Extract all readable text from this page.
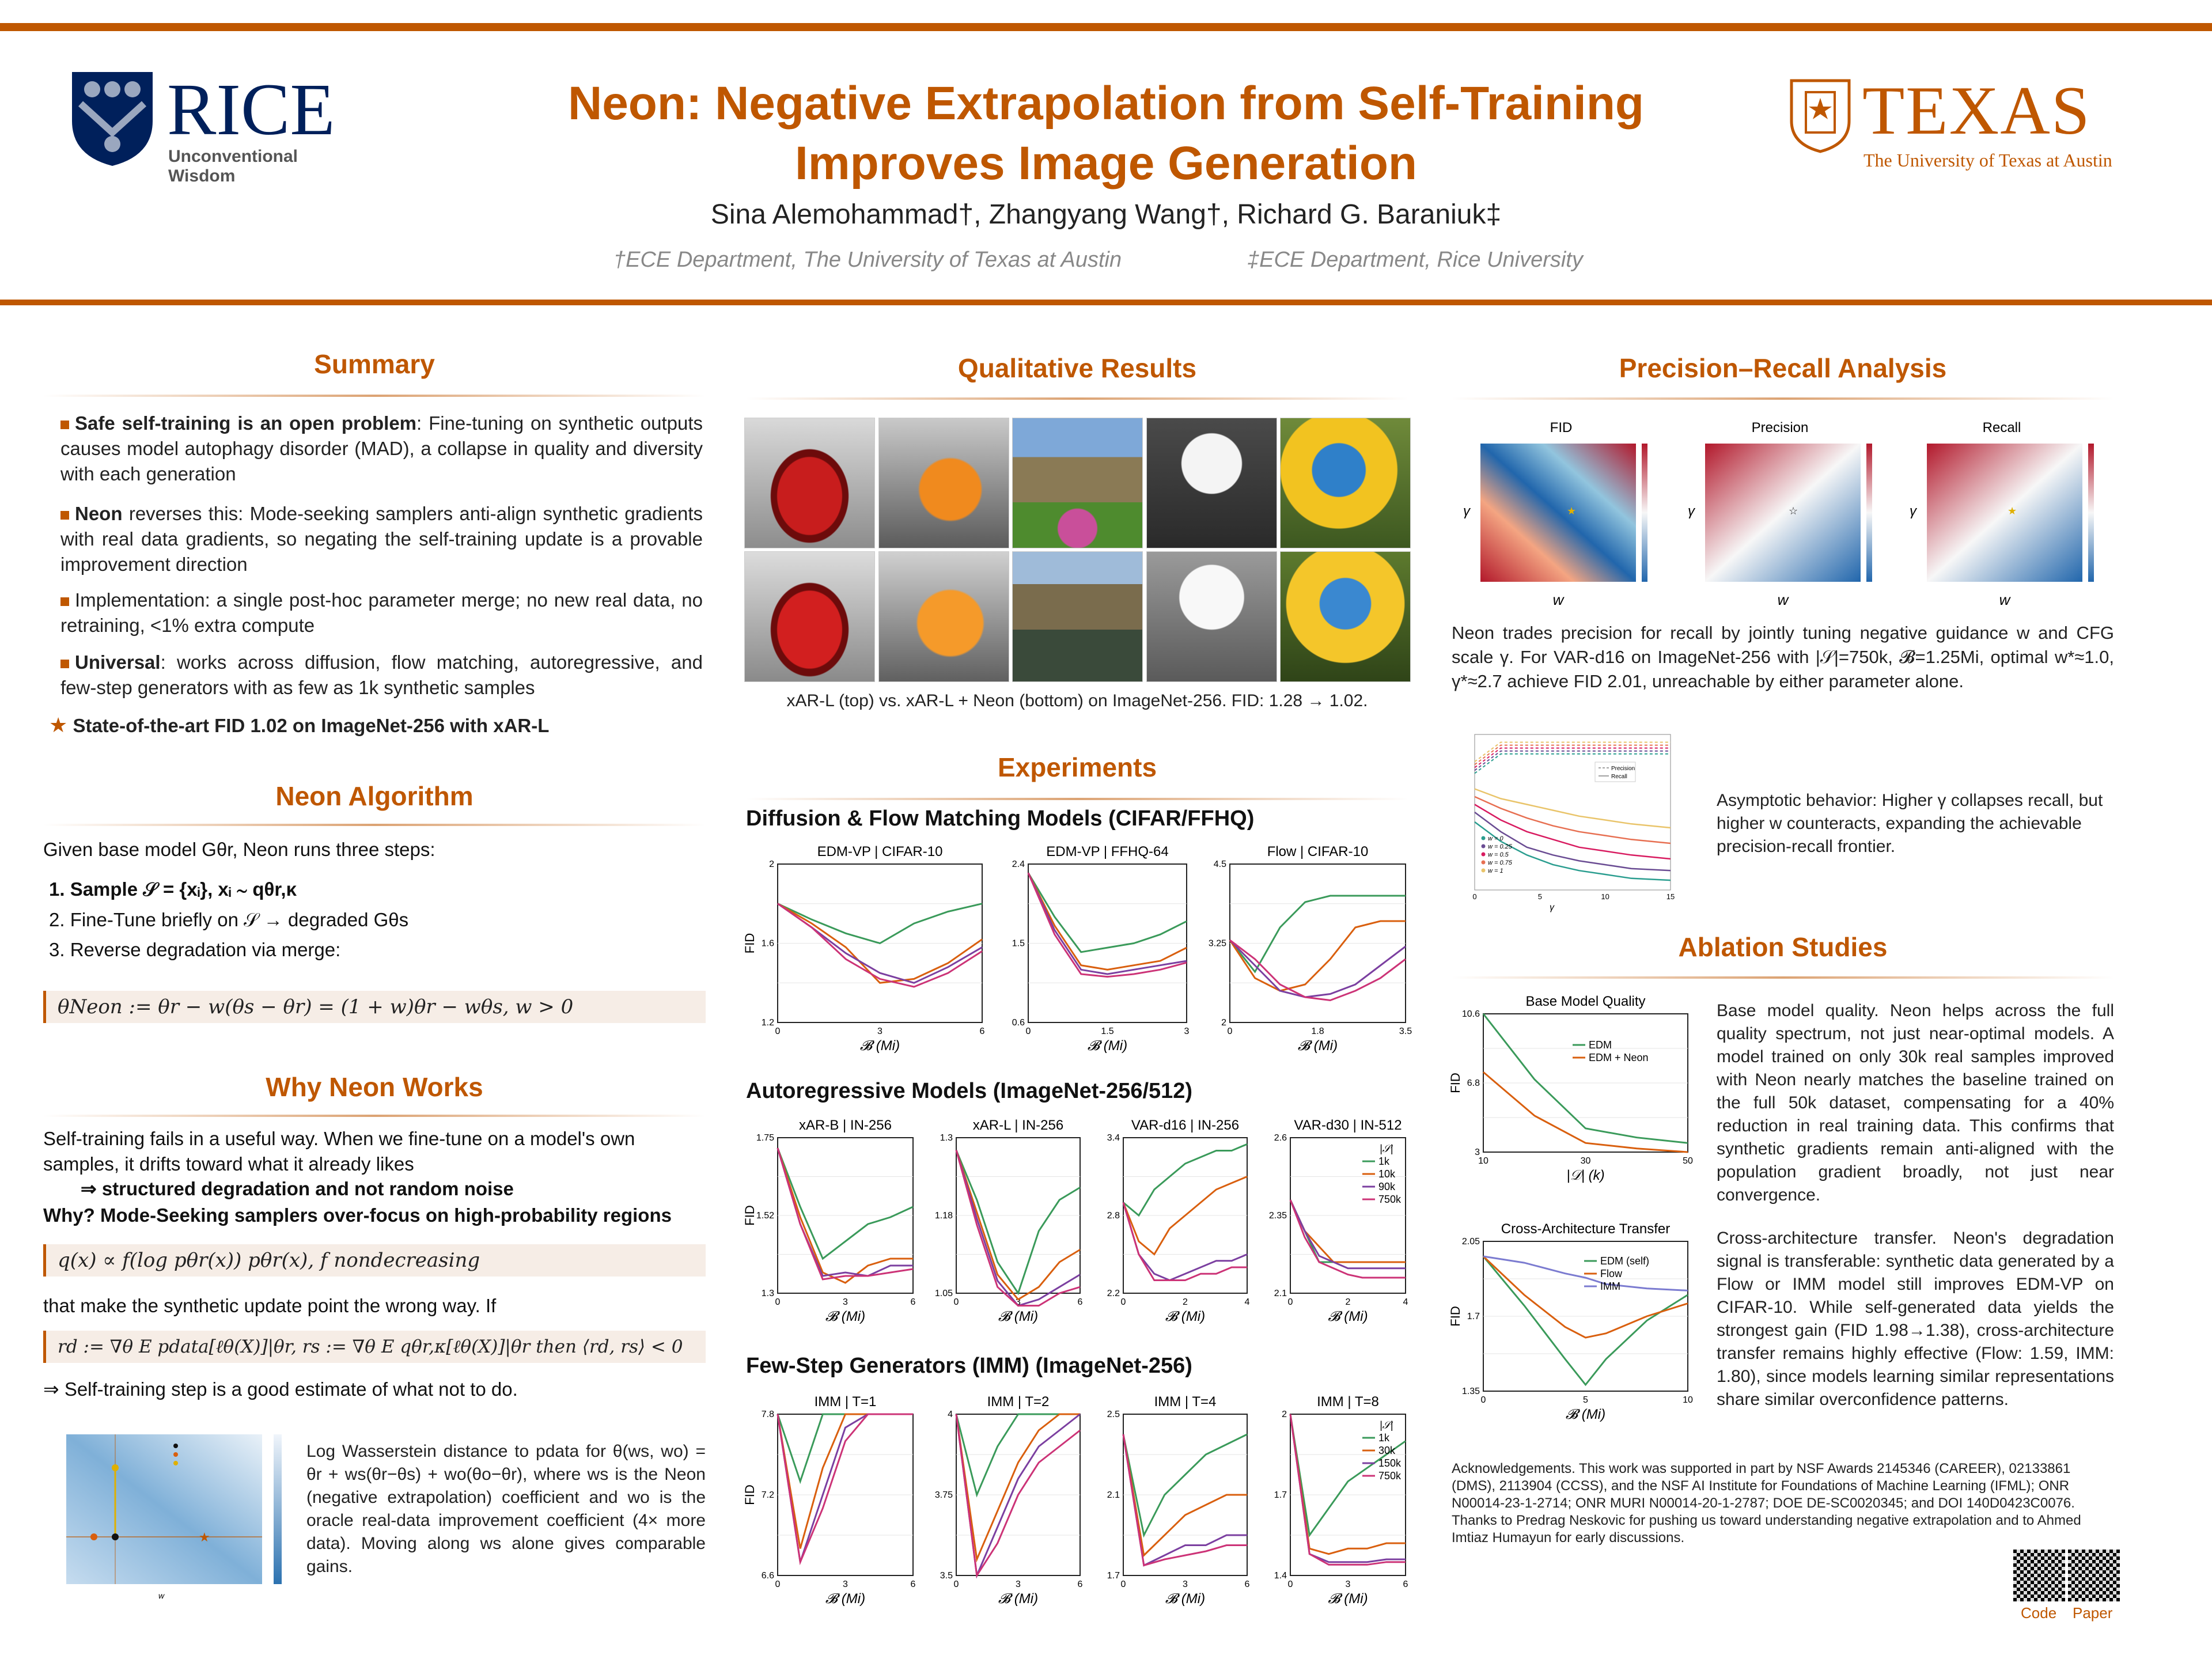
RICE
Unconventional Wisdom
TEXAS
The University of Texas at Austin
Neon: Negative Extrapolation from Self-Training
Improves Image Generation
Sina Alemohammad†, Zhangyang Wang†, Richard G. Baraniuk‡
†ECE Department, The University of Texas at Austin	‡ECE Department, Rice University
Summary
Safe self-training is an open problem: Fine-tuning on synthetic outputs causes model autophagy disorder (MAD), a collapse in quality and diversity with each generation
Neon reverses this: Mode-seeking samplers anti-align synthetic gradients with real data gradients, so negating the self-training update is a provable improvement direction
Implementation: a single post-hoc parameter merge; no new real data, no retraining, <1% extra compute
Universal: works across diffusion, flow matching, autoregressive, and few-step generators with as few as 1k synthetic samples
★ State-of-the-art FID 1.02 on ImageNet-256 with xAR-L
Neon Algorithm
Given base model Gθr, Neon runs three steps:
1. Sample 𝒮 = {xᵢ}, xᵢ ∼ qθr,κ
2. Fine-Tune briefly on 𝒮 → degraded Gθs
3. Reverse degradation via merge:
θNeon := θr − w(θs − θr) = (1 + w)θr − wθs, w > 0
Why Neon Works
Self-training fails in a useful way. When we fine-tune on a model's own samples, it drifts toward what it already likes
⇒ structured degradation and not random noise
Why? Mode-Seeking samplers over-focus on high-probability regions
q(x) ∝ f(log pθr(x)) pθr(x), f nondecreasing
that make the synthetic update point the wrong way. If
rd := ∇θ E pdata[ℓθ(X)]|θr, rs := ∇θ E qθr,κ[ℓθ(X)]|θr then ⟨rd, rs⟩ < 0
⇒ Self-training step is a good estimate of what not to do.
★
w
Log Wasserstein distance to pdata for θ(ws, wo) = θr + ws(θr−θs) + wo(θo−θr), where ws is the Neon (negative extrapolation) coefficient and wo is the oracle real-data improvement coefficient (4× more data). Moving along ws alone gives comparable gains.
Qualitative Results
xAR-L (top) vs. xAR-L + Neon (bottom) on ImageNet-256. FID: 1.28 → 1.02.
Experiments
Diffusion & Flow Matching Models (CIFAR/FFHQ)
Autoregressive Models (ImageNet-256/512)
Few-Step Generators (IMM) (ImageNet-256)
EDM-VP | CIFAR-10
0	3	6
1.2
1.6
2
𝓑 (Mi)
FID
EDM-VP | FFHQ-64
0	1.5	3
0.6
1.5
2.4
𝓑 (Mi)
Flow | CIFAR-10
0	1.8	3.5
2
3.25
4.5
𝓑 (Mi)
xAR-B | IN-256
0	3	6
1.3
1.52
1.75
𝓑 (Mi)
FID
xAR-L | IN-256
0	3	6
1.05
1.18
1.3
𝓑 (Mi)
VAR-d16 | IN-256
0	2	4
2.2
2.8
3.4
𝓑 (Mi)
VAR-d30 | IN-512
0	2	4
2.1
2.35
2.6
𝓑 (Mi)
|𝒮|
1k
10k
90k
750k
IMM | T=1
0	3	6
6.6
7.2
7.8
𝓑 (Mi)
FID
IMM | T=2
0	3	6
3.5
3.75
4
𝓑 (Mi)
IMM | T=4
0	3	6
1.7
2.1
2.5
𝓑 (Mi)
IMM | T=8
0	3	6
1.4
1.7
2
𝓑 (Mi)
|𝒮|
1k
30k
150k
750k
Base Model Quality
10	30	50
3
6.8
10.6
|𝒟| (k)
FID
EDM
EDM + Neon
Cross-Architecture Transfer
0	5	10
1.35
1.7
2.05
𝓑 (Mi)
FID
EDM (self)
Flow
IMM
Precision–Recall Analysis
FID	Precision	Recall
★	☆	★
w	w	w
γ	γ	γ
Neon trades precision for recall by jointly tuning negative guidance w and CFG scale γ. For VAR-d16 on ImageNet-256 with |𝒮|=750k, 𝓑=1.25Mi, optimal w*≈1.0, γ*≈2.7 achieve FID 2.01, unreachable by either parameter alone.
Precision
Recall
w = 0
w = 0.25
w = 0.5
w = 0.75
w = 1
0	5	10	15
γ
Asymptotic behavior: Higher γ collapses recall, but higher w counteracts, expanding the achievable precision-recall frontier.
Ablation Studies
Base model quality. Neon helps across the full quality spectrum, not just near-optimal models. A model trained on only 30k real samples improved with Neon nearly matches the baseline trained on the full 50k dataset, compensating for a 40% reduction in real training data. This confirms that synthetic gradients remain anti-aligned with the population gradient broadly, not just near convergence.
Cross-architecture transfer. Neon's degradation signal is transferable: synthetic data generated by a Flow or IMM model still improves EDM-VP on CIFAR-10. While self-generated data yields the strongest gain (FID 1.98→1.38), cross-architecture transfer remains highly effective (Flow: 1.59, IMM: 1.80), since models learning similar representations share similar overconfidence patterns.
Acknowledgements. This work was supported in part by NSF Awards 2145346 (CAREER), 02133861 (DMS), 2113904 (CCSS), and the NSF AI Institute for Foundations of Machine Learning (IFML); ONR N00014-23-1-2714; ONR MURI N00014-20-1-2787; DOE DE-SC0020345; and DOI 140D0423C0076. Thanks to Predrag Neskovic for pushing us toward understanding negative extrapolation and to Ahmed Imtiaz Humayun for early discussions.
Code Paper
